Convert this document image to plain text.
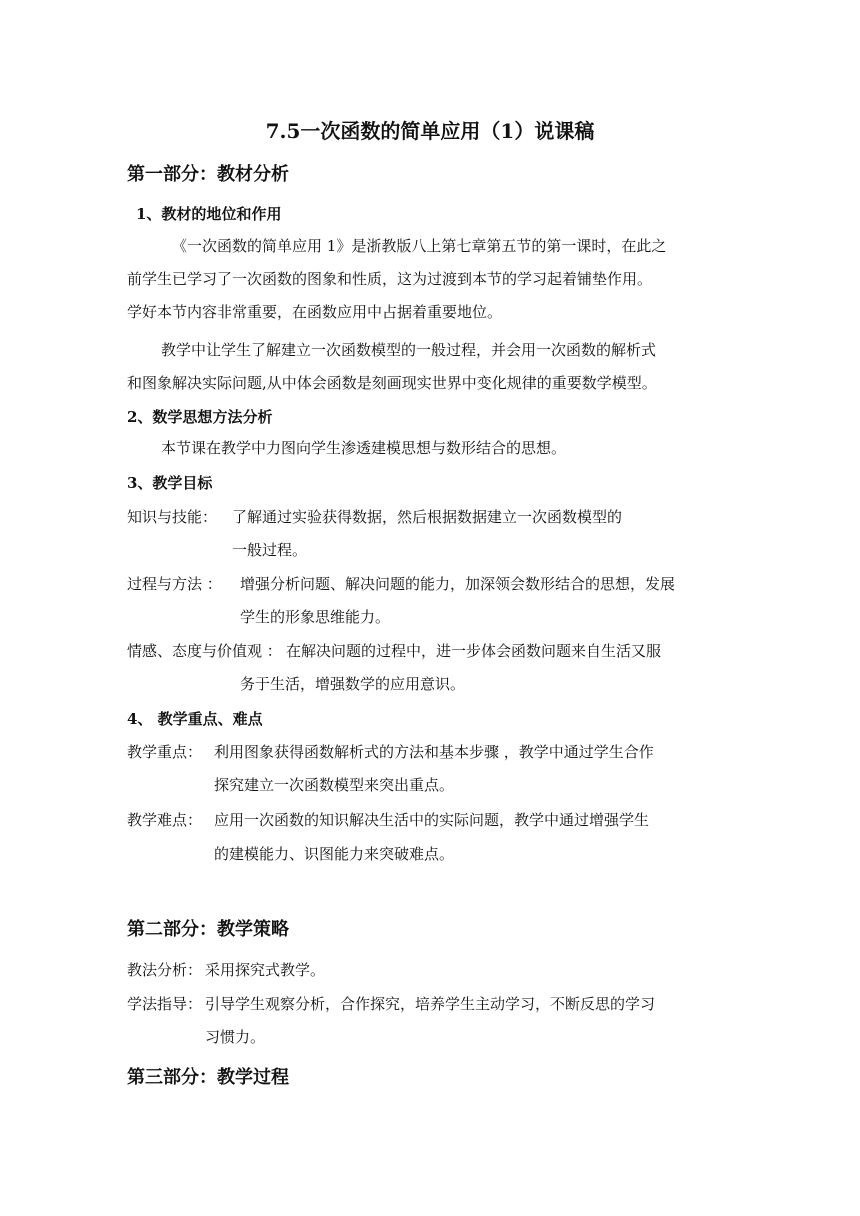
7.5一次函数的简单应用（1）说课稿
第一部分：教材分析
1、教材的地位和作用
《一次函数的简单应用 1》是浙教版八上第七章第五节的第一课时，在此之
前学生已学习了一次函数的图象和性质，这为过渡到本节的学习起着铺垫作用。
学好本节内容非常重要，在函数应用中占据着重要地位。
教学中让学生了解建立一次函数模型的一般过程，并会用一次函数的解析式
和图象解决实际问题,从中体会函数是刻画现实世界中变化规律的重要数学模型。
2、数学思想方法分析
本节课在教学中力图向学生渗透建模思想与数形结合的思想。
3、教学目标
知识与技能： 了解通过实验获得数据，然后根据数据建立一次函数模型的
一般过程。
过程与方法 ： 增强分析问题、解决问题的能力，加深领会数形结合的思想，发展
学生的形象思维能力。
情感、态度与价值观 ： 在解决问题的过程中，进一步体会函数问题来自生活又服
务于生活，增强数学的应用意识。
4、 教学重点、难点
教学重点： 利用图象获得函数解析式的方法和基本步骤 ，教学中通过学生合作
探究建立一次函数模型来突出重点。
教学难点： 应用一次函数的知识解决生活中的实际问题，教学中通过增强学生
的建模能力、识图能力来突破难点。
第二部分：教学策略
教法分析： 采用探究式教学。
学法指导： 引导学生观察分析，合作探究，培养学生主动学习，不断反思的学习
习惯力。
第三部分：教学过程
